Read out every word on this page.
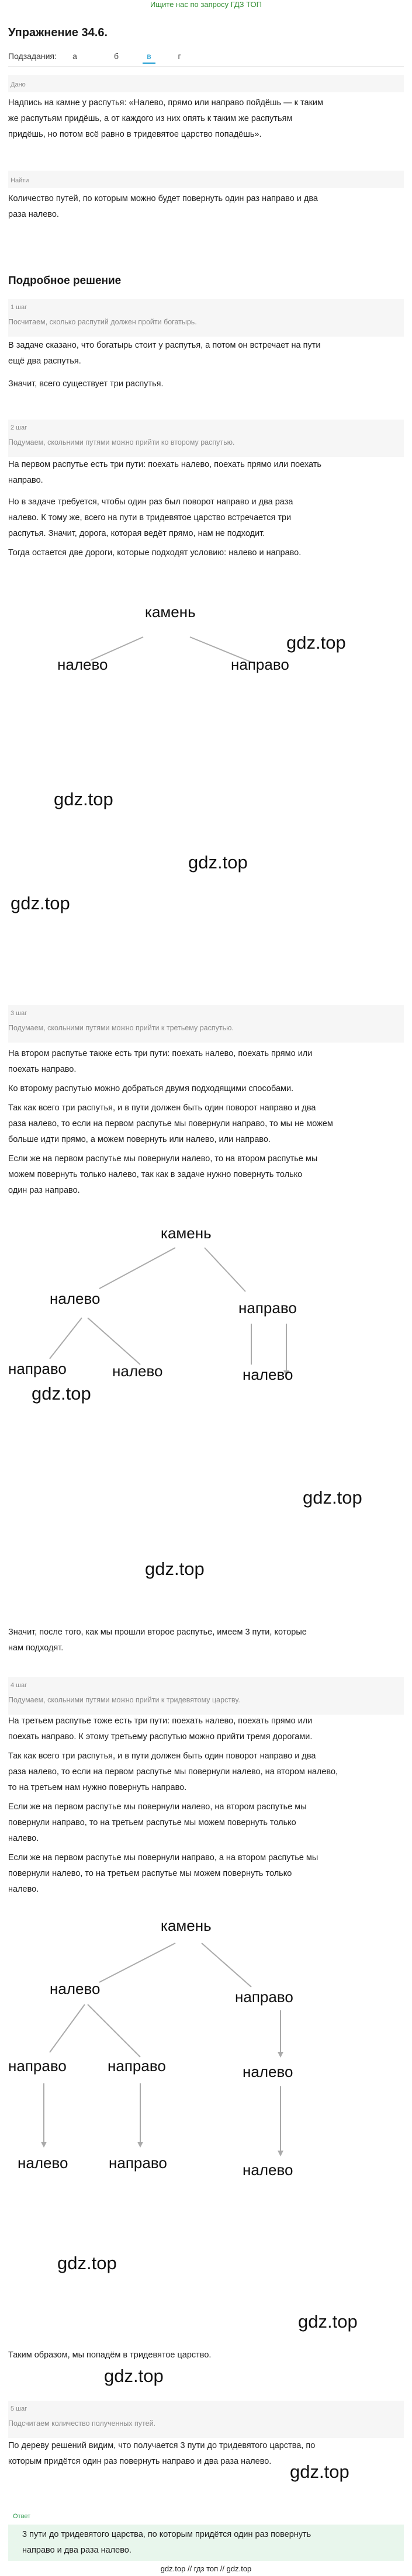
Ищите нас по запросу ГДЗ ТОП
Упражнение 34.6.
Подзадания:	а	б	в	г
Дано
Надпись на камне у распутья: «Налево, прямо или направо пойдёшь — к таким
же распутьям придёшь, а от каждого из них опять к таким же распутьям
придёшь, но потом всё равно в тридевятое царство попадёшь».
Найти
Количество путей, по которым можно будет повернуть один раз направо и два
раза налево.
Подробное решение
1 шаг
Посчитаем, сколько распутий должен пройти богатырь.
В задаче сказано, что богатырь стоит у распутья, а потом он встречает на пути
ещё два распутья.
Значит, всего существует три распутья.
2 шаг
Подумаем, скольними путями можно прийти ко второму распутью.
На первом распутье есть три пути: поехать налево, поехать прямо или поехать
направо.
Но в задаче требуется, чтобы один раз был поворот направо и два раза
налево. К тому же, всего на пути в тридевятое царство встречается три
распутья. Значит, дорога, которая ведёт прямо, нам не подходит.
Тогда остается две дороги, которые подходят условию: налево и направо.
камень
налево	направо
gdz.top
gdz.top
gdz.top
gdz.top
3 шаг
Подумаем, скольними путями можно прийти к третьему распутью.
На втором распутье также есть три пути: поехать налево, поехать прямо или
поехать направо.
Ко второму распутью можно добраться двумя подходящими способами.
Так как всего три распутья, и в пути должен быть один поворот направо и два
раза налево, то если на первом распутье мы повернули направо, то мы не можем
больше идти прямо, а можем повернуть или налево, или направо.
Если же на первом распутье мы повернули налево, то на втором распутье мы
можем повернуть только налево, так как в задаче нужно повернуть только
один раз направо.
камень
налево
направо
направо	налево	налево
gdz.top
gdz.top
gdz.top
Значит, после того, как мы прошли второе распутье, имеем 3 пути, которые
нам подходят.
4 шаг
Подумаем, скольними путями можно прийти к тридевятому царству.
На третьем распутье тоже есть три пути: поехать налево, поехать прямо или
поехать направо. К этому третьему распутью можно прийти тремя дорогами.
Так как всего три распутья, и в пути должен быть один поворот направо и два
раза налево, то если на первом распутье мы повернули налево, на втором налево,
то на третьем нам нужно повернуть направо.
Если же на первом распутье мы повернули налево, на втором распутье мы
повернули направо, то на третьем распутье мы можем повернуть только
налево.
Если же на первом распутье мы повернули направо, а на втором распутье мы
повернули налево, то на третьем распутье мы можем повернуть только
налево.
камень
налево	направо
направо	направо	налево
налево	направо	налево
gdz.top
gdz.top
Таким образом, мы попадём в тридевятое царство.
gdz.top
5 шаг
Подсчитаем количество полученных путей.
По дереву решений видим, что получается 3 пути до тридевятого царства, по
которым придётся один раз повернуть направо и два раза налево.	gdz.top
Ответ
3 пути до тридевятого царства, по которым придётся один раз повернуть
направо и два раза налево.
gdz.top // гдз топ // gdz.top
